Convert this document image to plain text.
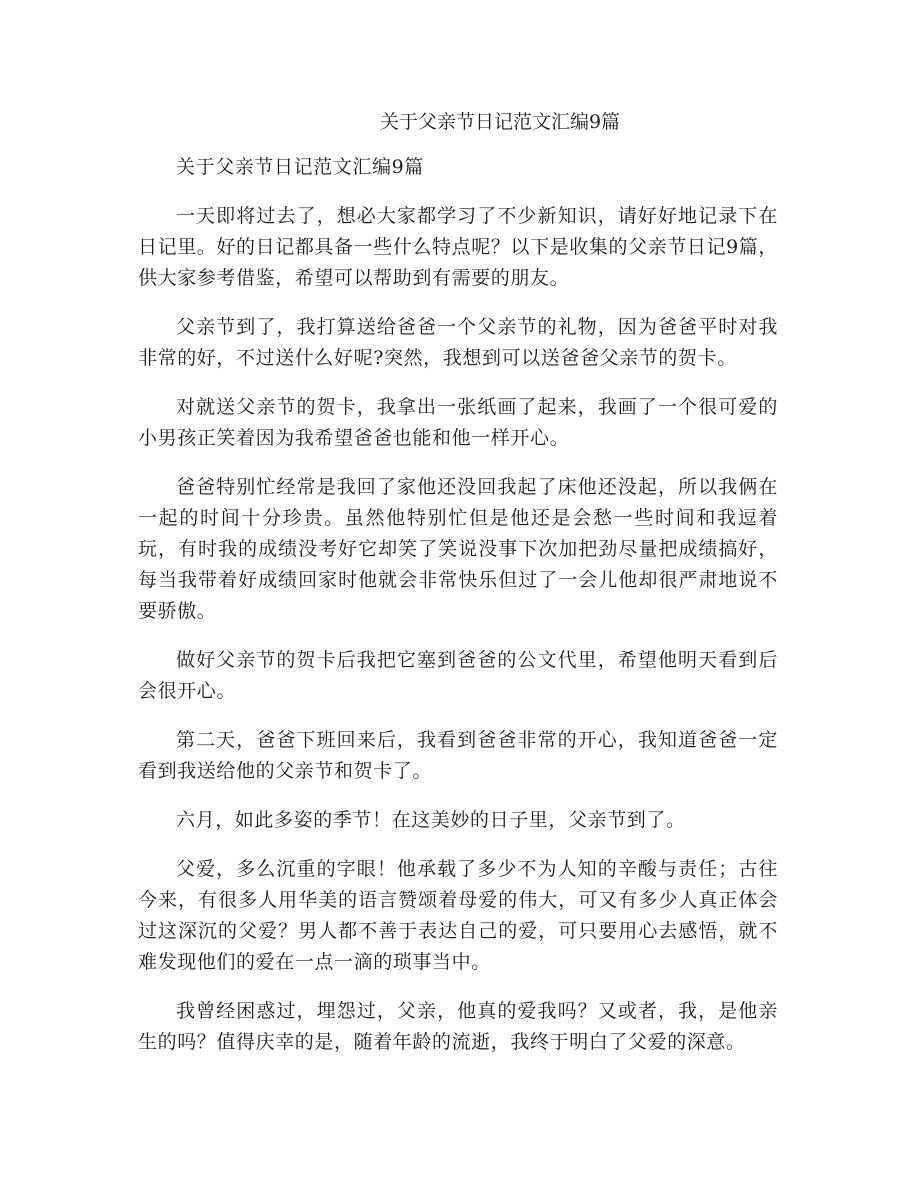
关于父亲节日记范文汇编9篇

关于父亲节日记范文汇编9篇

一天即将过去了，想必大家都学习了不少新知识，请好好地记录下在日记里。好的日记都具备一些什么特点呢？以下是收集的父亲节日记9篇，供大家参考借鉴，希望可以帮助到有需要的朋友。

父亲节到了，我打算送给爸爸一个父亲节的礼物，因为爸爸平时对我非常的好，不过送什么好呢?突然，我想到可以送爸爸父亲节的贺卡。

对就送父亲节的贺卡，我拿出一张纸画了起来，我画了一个很可爱的小男孩正笑着因为我希望爸爸也能和他一样开心。

爸爸特别忙经常是我回了家他还没回我起了床他还没起，所以我俩在一起的时间十分珍贵。虽然他特别忙但是他还是会愁一些时间和我逗着玩，有时我的成绩没考好它却笑了笑说没事下次加把劲尽量把成绩搞好，每当我带着好成绩回家时他就会非常快乐但过了一会儿他却很严肃地说不要骄傲。

做好父亲节的贺卡后我把它塞到爸爸的公文代里，希望他明天看到后会很开心。

第二天，爸爸下班回来后，我看到爸爸非常的开心，我知道爸爸一定看到我送给他的父亲节和贺卡了。

六月，如此多姿的季节！在这美妙的日子里，父亲节到了。

父爱，多么沉重的字眼！他承载了多少不为人知的辛酸与责任；古往今来，有很多人用华美的语言赞颂着母爱的伟大，可又有多少人真正体会过这深沉的父爱？男人都不善于表达自己的爱，可只要用心去感悟，就不难发现他们的爱在一点一滴的琐事当中。

我曾经困惑过，埋怨过，父亲，他真的爱我吗？又或者，我，是他亲生的吗？值得庆幸的是，随着年龄的流逝，我终于明白了父爱的深意。
